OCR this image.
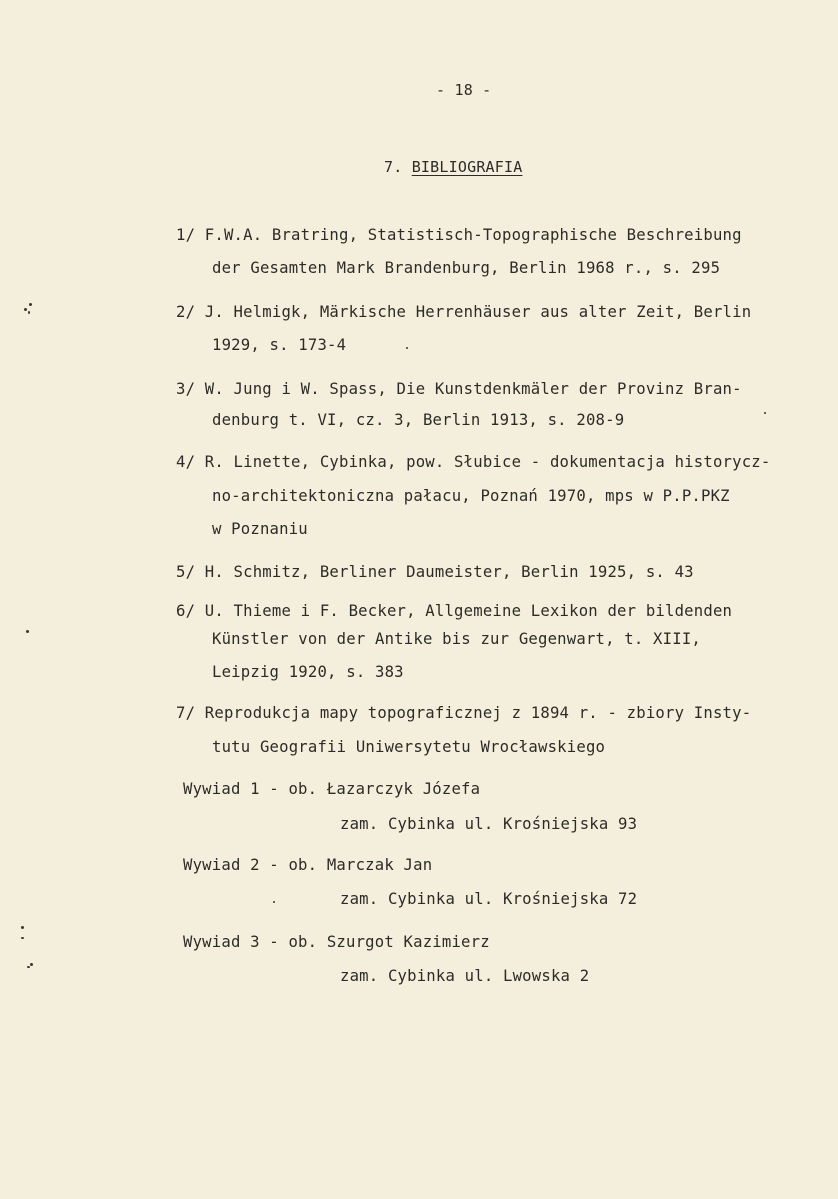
- 18 -
7. BIBLIOGRAFIA
1/ F.W.A. Bratring, Statistisch-Topographische Beschreibung
der Gesamten Mark Brandenburg, Berlin 1968 r., s. 295
2/ J. Helmigk, Märkische Herrenhäuser aus alter Zeit, Berlin
1929, s. 173-4
3/ W. Jung i W. Spass, Die Kunstdenkmäler der Provinz Bran-
denburg t. VI, cz. 3, Berlin 1913, s. 208-9
4/ R. Linette, Cybinka, pow. Słubice - dokumentacja historycz-
no-architektoniczna pałacu, Poznań 1970, mps w P.P.PKZ
w Poznaniu
5/ H. Schmitz, Berliner Daumeister, Berlin 1925, s. 43
6/ U. Thieme i F. Becker, Allgemeine Lexikon der bildenden
Künstler von der Antike bis zur Gegenwart, t. XIII,
Leipzig 1920, s. 383
7/ Reprodukcja mapy topograficznej z 1894 r. - zbiory Insty-
tutu Geografii Uniwersytetu Wrocławskiego
Wywiad 1 - ob. Łazarczyk Józefa
zam. Cybinka ul. Krośniejska 93
Wywiad 2 - ob. Marczak Jan
zam. Cybinka ul. Krośniejska 72
Wywiad 3 - ob. Szurgot Kazimierz
zam. Cybinka ul. Lwowska 2
